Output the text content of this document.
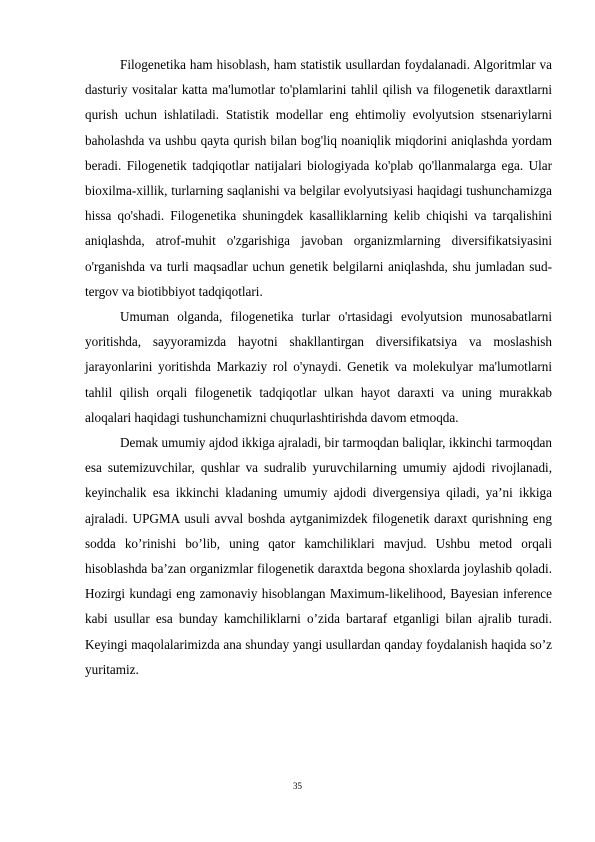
Filogenetika ham hisoblash, ham statistik usullardan foydalanadi. Algoritmlar va dasturiy vositalar katta ma'lumotlar to'plamlarini tahlil qilish va filogenetik daraxtlarni qurish uchun ishlatiladi. Statistik modellar eng ehtimoliy evolyutsion stsenariylarni baholashda va ushbu qayta qurish bilan bog'liq noaniqlik miqdorini aniqlashda yordam beradi. Filogenetik tadqiqotlar natijalari biologiyada ko'plab qo'llanmalarga ega. Ular bioxilma-xillik, turlarning saqlanishi va belgilar evolyutsiyasi haqidagi tushunchamizga hissa qo'shadi. Filogenetika shuningdek kasalliklarning kelib chiqishi va tarqalishini aniqlashda, atrof-muhit o'zgarishiga javoban organizmlarning diversifikatsiyasini o'rganishda va turli maqsadlar uchun genetik belgilarni aniqlashda, shu jumladan sud-tergov va biotibbiyot tadqiqotlari.

Umuman olganda, filogenetika turlar o'rtasidagi evolyutsion munosabatlarni yoritishda, sayyoramizda hayotni shakllantirgan diversifikatsiya va moslashish jarayonlarini yoritishda Markaziy rol o'ynaydi. Genetik va molekulyar ma'lumotlarni tahlil qilish orqali filogenetik tadqiqotlar ulkan hayot daraxti va uning murakkab aloqalari haqidagi tushunchamizni chuqurlashtirishda davom etmoqda.

Demak umumiy ajdod ikkiga ajraladi, bir tarmoqdan baliqlar, ikkinchi tarmoqdan esa sutemizuvchilar, qushlar va sudralib yuruvchilarning umumiy ajdodi rivojlanadi, keyinchalik esa ikkinchi kladaning umumiy ajdodi divergensiya qiladi, ya’ni ikkiga ajraladi. UPGMA usuli avval boshda aytganimizdek filogenetik daraxt qurishning eng sodda ko’rinishi bo’lib, uning qator kamchiliklari mavjud. Ushbu metod orqali hisoblashda ba’zan organizmlar filogenetik daraxtda begona shoxlarda joylashib qoladi. Hozirgi kundagi eng zamonaviy hisoblangan Maximum-likelihood, Bayesian inference kabi usullar esa bunday kamchiliklarni o’zida bartaraf etganligi bilan ajralib turadi. Keyingi maqolalarimizda ana shunday yangi usullardan qanday foydalanish haqida so’z yuritamiz.

35
